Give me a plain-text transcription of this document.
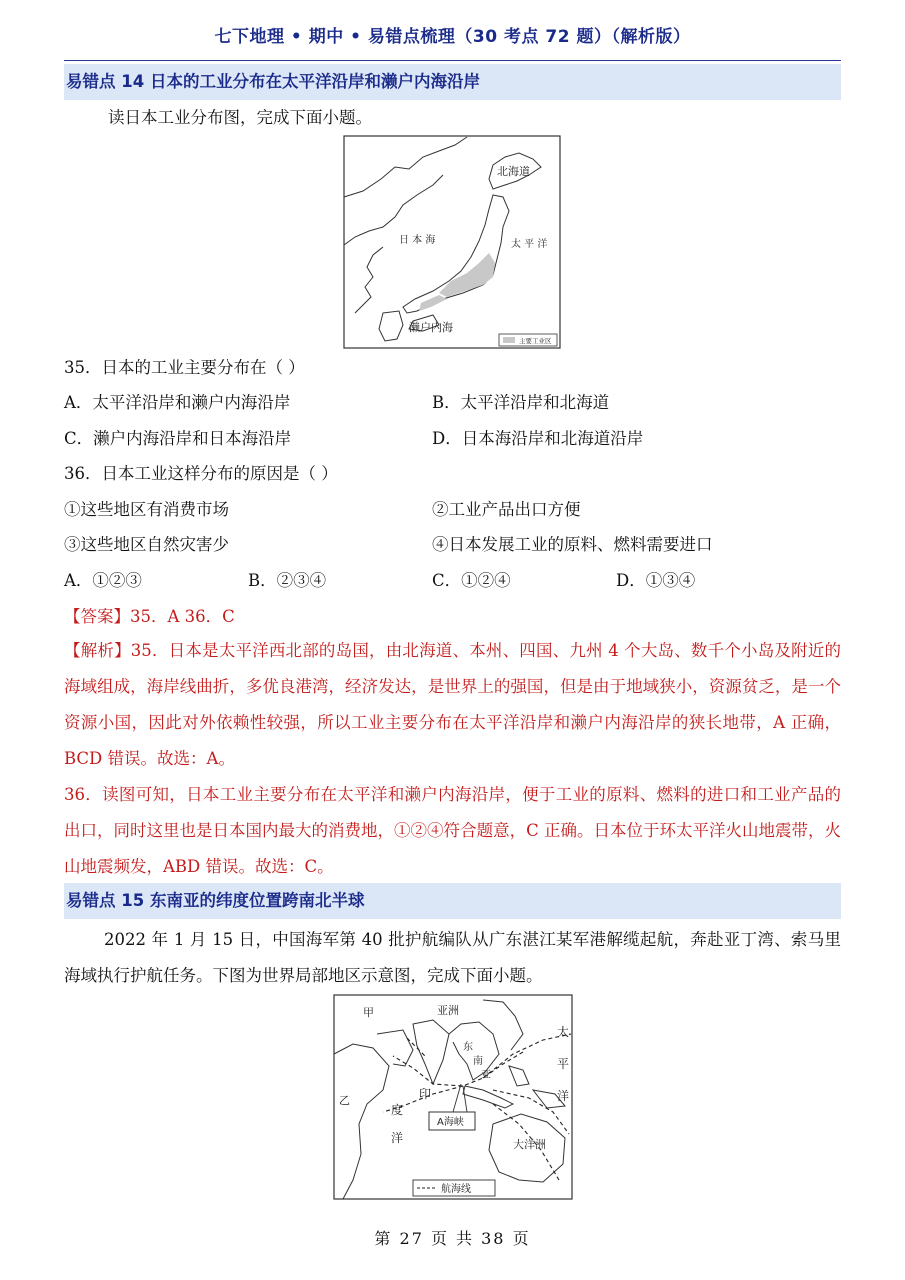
七下地理 • 期中 • 易错点梳理（30 考点 72 题）（解析版）
易错点 14 日本的工业分布在太平洋沿岸和濑户内海沿岸
读日本工业分布图，完成下面小题。
北海道
日 本 海	太 平 洋
濑户内海
主要工业区
35．日本的工业主要分布在（ ）
A．太平洋沿岸和濑户内海沿岸	B．太平洋沿岸和北海道
C．濑户内海沿岸和日本海沿岸	D．日本海沿岸和北海道沿岸
36．日本工业这样分布的原因是（ ）
①这些地区有消费市场	②工业产品出口方便
③这些地区自然灾害少	④日本发展工业的原料、燃料需要进口
A．①②③	B．②③④	C．①②④	D．①③④
【答案】35．A 36．C
【解析】35．日本是太平洋西北部的岛国，由北海道、本州、四国、九州 4 个大岛、数千个小岛及附近的海域组成，海岸线曲折，多优良港湾，经济发达，是世界上的强国，但是由于地域狭小，资源贫乏，是一个资源小国，因此对外依赖性较强，所以工业主要分布在太平洋沿岸和濑户内海沿岸的狭长地带，A 正确，BCD 错误。故选：A。
36．读图可知，日本工业主要分布在太平洋和濑户内海沿岸，便于工业的原料、燃料的进口和工业产品的出口，同时这里也是日本国内最大的消费地，①②④符合题意，C 正确。日本位于环太平洋火山地震带，火山地震频发，ABD 错误。故选：C。
易错点 15 东南亚的纬度位置跨南北半球
2022 年 1 月 15 日，中国海军第 40 批护航编队从广东湛江某军港解缆起航，奔赴亚丁湾、索马里海域执行护航任务。下图为世界局部地区示意图，完成下面小题。
A海峡
甲
乙
亚洲
印
度
洋
东
南
亚
太
平
洋
大洋洲
航海线
第 27 页 共 38 页
